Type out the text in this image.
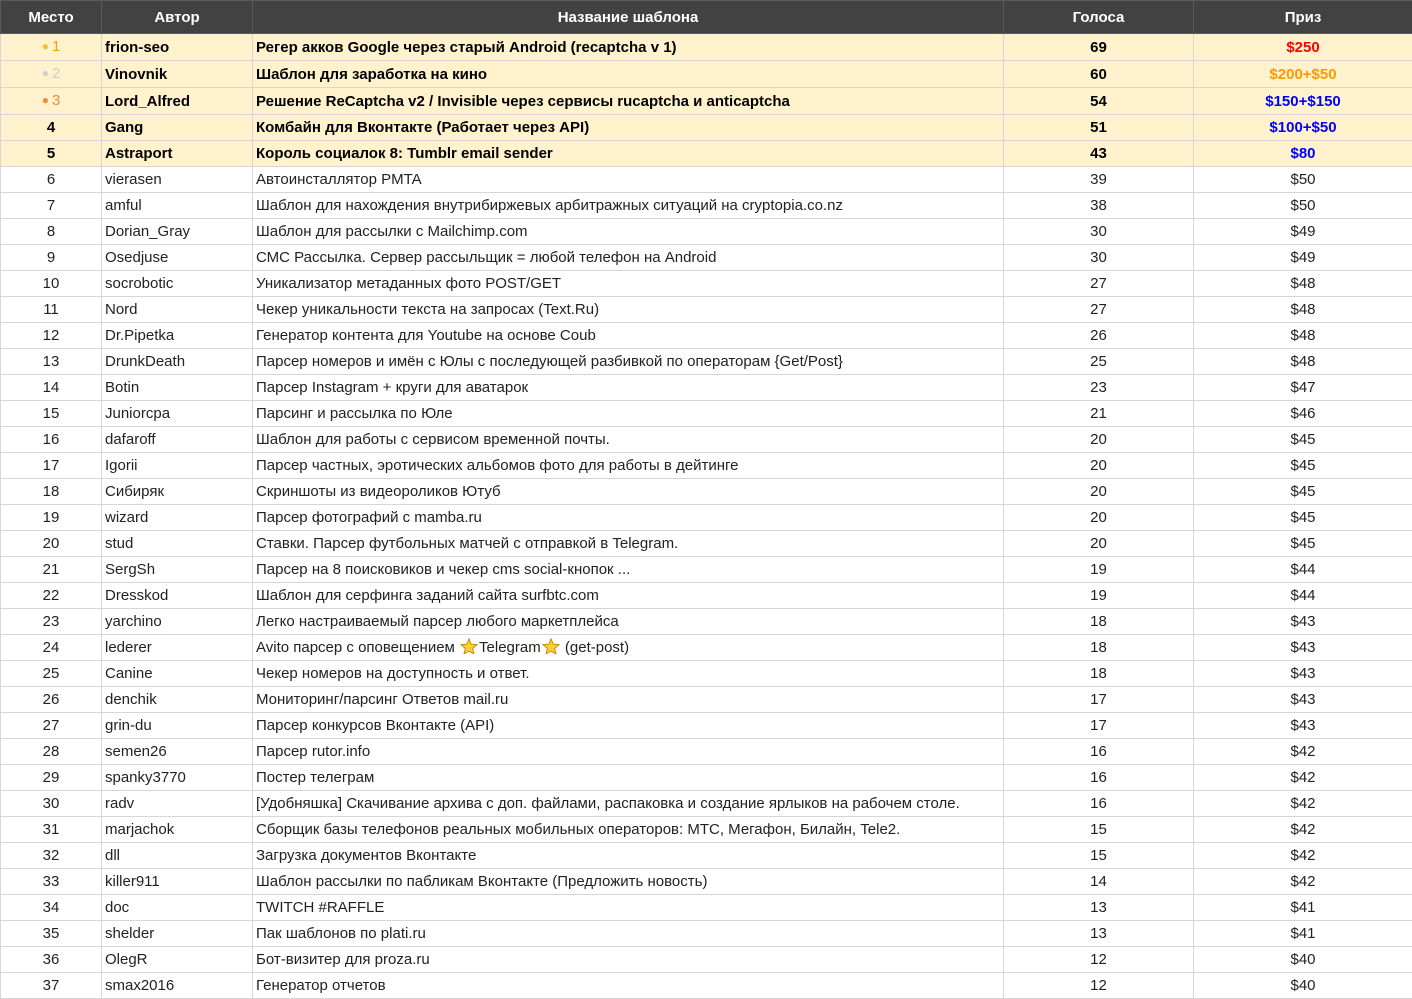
Место	Автор	Название шаблона	Голоса	Приз
● 1	frion-seo	Регер акков Google через старый Android (recaptcha v 1)	69	$250
● 2	Vinovnik	Шаблон для заработка на кино	60	$200+$50
● 3	Lord_Alfred	Решение ReCaptcha v2 / Invisible через сервисы rucaptcha и anticaptcha	54	$150+$150
4	Gang	Комбайн для Вконтакте (Работает через API)	51	$100+$50
5	Astraport	Король социалок 8: Tumblr email sender	43	$80
6	vierasen	Автоинсталлятор PMTA	39	$50
7	amful	Шаблон для нахождения внутрибиржевых арбитражных ситуаций на cryptopia.co.nz	38	$50
8	Dorian_Gray	Шаблон для рассылки с Mailchimp.com	30	$49
9	Osedjuse	СМС Рассылка. Сервер рассыльщик = любой телефон на Android	30	$49
10	socrobotic	Уникализатор метаданных фото POST/GET	27	$48
11	Nord	Чекер уникальности текста на запросах (Text.Ru)	27	$48
12	Dr.Pipetka	Генератор контента для Youtube на основе Coub	26	$48
13	DrunkDeath	Парсер номеров и имён с Юлы с последующей разбивкой по операторам {Get/Post}	25	$48
14	Botin	Парсер Instagram + круги для аватарок	23	$47
15	Juniorcpa	Парсинг и рассылка по Юле	21	$46
16	dafaroff	Шаблон для работы с сервисом временной почты.	20	$45
17	Igorii	Парсер частных, эротических альбомов фото для работы в дейтинге	20	$45
18	Сибиряк	Скриншоты из видеороликов Ютуб	20	$45
19	wizard	Парсер фотографий с mamba.ru	20	$45
20	stud	Ставки. Парсер футбольных матчей с отправкой в Telegram.	20	$45
21	SergSh	Парсер на 8 поисковиков и чекер cms social-кнопок ...	19	$44
22	Dresskod	Шаблон для серфинга заданий сайта surfbtc.com	19	$44
23	yarchino	Легко настраиваемый парсер любого маркетплейса	18	$43
24	lederer	Avito парсер с оповещением Telegram (get-post)	18	$43
25	Canine	Чекер номеров на доступность и ответ.	18	$43
26	denchik	Мониторинг/парсинг Ответов mail.ru	17	$43
27	grin-du	Парсер конкурсов Вконтакте (API)	17	$43
28	semen26	Парсер rutor.info	16	$42
29	spanky3770	Постер телеграм	16	$42
30	radv	[Удобняшка] Скачивание архива с доп. файлами, распаковка и создание ярлыков на рабочем столе.	16	$42
31	marjachok	Сборщик базы телефонов реальных мобильных операторов: МТС, Мегафон, Билайн, Tele2.	15	$42
32	dll	Загрузка документов Вконтакте	15	$42
33	killer911	Шаблон рассылки по пабликам Вконтакте (Предложить новость)	14	$42
34	doc	TWITCH #RAFFLE	13	$41
35	shelder	Пак шаблонов по plati.ru	13	$41
36	OlegR	Бот-визитер для proza.ru	12	$40
37	smax2016	Генератор отчетов	12	$40
